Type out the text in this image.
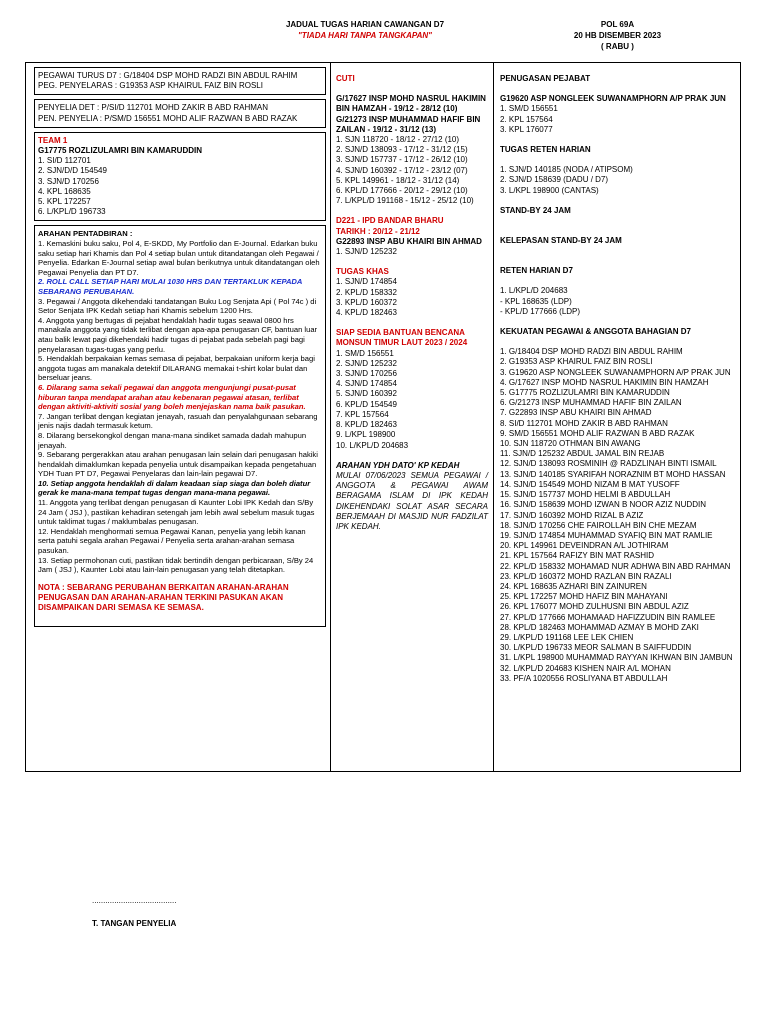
JADUAL TUGAS HARIAN CAWANGAN D7
"TIADA HARI TANPA TANGKAPAN"
POL 69A
20 HB DISEMBER 2023
( RABU )

PEGAWAI TURUS D7 : G/18404 DSP MOHD RADZI BIN ABDUL RAHIM

PEG. PENYELARAS : G19353 ASP KHAIRUL FAIZ BIN ROSLI

PENYELIA DET : P/SI/D 112701 MOHD ZAKIR B ABD RAHMAN

PEN. PENYELIA : P/SM/D 156551 MOHD ALIF RAZWAN B ABD RAZAK

TEAM 1

G17775 ROZLIZULAMRI BIN KAMARUDDIN

1. SI/D 112701

2. SJN/D/D 154549

3. SJN/D 170256

4. KPL 168635

5. KPL 172257

6. L/KPL/D 196733

ARAHAN PENTADBIRAN :

1. Kemaskini buku saku, Pol 4, E-SKDD, My Portfolio dan E-Journal. Edarkan buku saku setiap hari Khamis dan Pol 4 setiap bulan untuk ditandatangan oleh Pegawai / Penyelia. Edarkan E-Journal setiap awal bulan berikutnya untuk ditandatangan oleh Pegawai Penyelia dan PT D7.

2. ROLL CALL SETIAP HARI MULAI 1030 HRS DAN TERTAKLUK KEPADA SEBARANG PERUBAHAN.

3. Pegawai / Anggota dikehendaki tandatangan Buku Log Senjata Api ( Pol 74c ) di Setor Senjata IPK Kedah setiap hari Khamis sebelum 1200 Hrs.

4. Anggota yang bertugas di pejabat hendaklah hadir tugas seawal 0800 hrs manakala anggota yang tidak terlibat dengan apa-apa penugasan CF, bantuan luar atau balik lewat pagi dikehendaki hadir tugas di pejabat pada sebelah pagi bagi penyelarasan tugas-tugas yang perlu.

5. Hendaklah berpakaian kemas semasa di pejabat, berpakaian uniform kerja bagi anggota tugas am manakala detektif DILARANG memakai t-shirt kolar bulat dan berseluar jeans.

6. Dilarang sama sekali pegawai dan anggota mengunjungi pusat-pusat hiburan tanpa mendapat arahan atau kebenaran pegawai atasan, terlibat dengan aktiviti-aktiviti sosial yang boleh menjejaskan nama baik pasukan.

7. Jangan terlibat dengan kegiatan jenayah, rasuah dan penyalahgunaan sebarang jenis najis dadah termasuk ketum.

8. Dilarang bersekongkol dengan mana-mana sindiket samada dadah mahupun jenayah.

9. Sebarang pergerakkan atau arahan penugasan lain selain dari penugasan hakiki hendaklah dimaklumkan kepada penyelia untuk disampaikan kepada pengetahuan YDH Tuan PT D7, Pegawai Penyelaras dan lain-lain pegawai D7.

10. Setiap anggota hendaklah di dalam keadaan siap siaga dan boleh diatur gerak ke mana-mana tempat tugas dengan mana-mana pegawai.

11. Anggota yang terlibat dengan penugasan di Kaunter Lobi IPK Kedah dan S/By 24 Jam ( JSJ ), pastikan kehadiran setengah jam lebih awal sebelum masuk tugas untuk taklimat tugas / maklumbalas penugasan.

12. Hendaklah menghormati semua Pegawai Kanan, penyelia yang lebih kanan serta patuhi segala arahan Pegawai / Penyelia serta arahan-arahan semasa pasukan.

13. Setiap permohonan cuti, pastikan tidak bertindih dengan perbicaraan, S/By 24 Jam ( JSJ ), Kaunter Lobi atau lain-lain penugasan yang telah ditetapkan.

NOTA : SEBARANG PERUBAHAN BERKAITAN ARAHAN-ARAHAN PENUGASAN DAN ARAHAN-ARAHAN TERKINI PASUKAN AKAN DISAMPAIKAN DARI SEMASA KE SEMASA.

CUTI

G/17627 INSP MOHD NASRUL HAKIMIN BIN HAMZAH - 19/12 - 28/12 (10)

G/21273 INSP MUHAMMAD HAFIF BIN ZAILAN - 19/12 - 31/12 (13)

1. SJN 118720 - 18/12 - 27/12 (10)

2. SJN/D 138093 - 17/12 - 31/12 (15)

3. SJN/D 157737 - 17/12 - 26/12 (10)

4. SJN/D 160392 - 17/12 - 23/12 (07)

5. KPL 149961 - 18/12 - 31/12 (14)

6. KPL/D 177666 - 20/12 - 29/12 (10)

7. L/KPL/D 191168 - 15/12 - 25/12 (10)

D221 - IPD BANDAR BHARU

TARIKH : 20/12 - 21/12

G22893 INSP ABU KHAIRI BIN AHMAD

1. SJN/D 125232

TUGAS KHAS

1. SJN/D 174854

2. KPL/D 158332

3. KPL/D 160372

4. KPL/D 182463

SIAP SEDIA BANTUAN BENCANA MONSUN TIMUR LAUT 2023 / 2024

1. SM/D 156551

2. SJN/D 125232

3. SJN/D 170256

4. SJN/D 174854

5. SJN/D 160392

6. KPL/D 154549

7. KPL 157564

8. KPL/D 182463

9. L/KPL 198900

10. L/KPL/D 204683

ARAHAN YDH DATO' KP KEDAH

MULAI 07/06/2023 SEMUA PEGAWAI / ANGGOTA & PEGAWAI AWAM BERAGAMA ISLAM DI IPK KEDAH DIKEHENDAKI SOLAT ASAR SECARA BERJEMAAH DI MASJID NUR FADZILAT IPK KEDAH.

PENUGASAN PEJABAT

G19620 ASP NONGLEEK SUWANAMPHORN A/P PRAK JUN

1. SM/D 156551

2. KPL 157564

3. KPL 176077

TUGAS RETEN HARIAN

1. SJN/D 140185 (NODA / ATIPSOM)

2. SJN/D 158639 (DADU / D7)

3. L/KPL 198900 (CANTAS)

STAND-BY 24 JAM

KELEPASAN STAND-BY 24 JAM

RETEN HARIAN D7

1. L/KPL/D 204683

- KPL 168635 (LDP)

- KPL/D 177666 (LDP)

KEKUATAN PEGAWAI & ANGGOTA BAHAGIAN D7

1. G/18404 DSP MOHD RADZI BIN ABDUL RAHIM

2. G19353 ASP KHAIRUL FAIZ BIN ROSLI

3. G19620 ASP NONGLEEK SUWANAMPHORN A/P PRAK JUN

4. G/17627 INSP MOHD NASRUL HAKIMIN BIN HAMZAH

5. G17775 ROZLIZULAMRI BIN KAMARUDDIN

6. G/21273 INSP MUHAMMAD HAFIF BIN ZAILAN

7. G22893 INSP ABU KHAIRI BIN AHMAD

8. SI/D 112701 MOHD ZAKIR B ABD RAHMAN

9. SM/D 156551 MOHD ALIF RAZWAN B ABD RAZAK

10. SJN 118720 OTHMAN BIN AWANG

11. SJN/D 125232 ABDUL JAMAL BIN REJAB

12. SJN/D 138093 ROSMINIH @ RADZLINAH BINTI ISMAIL

13. SJN/D 140185 SYARIFAH NORAZNIM BT MOHD HASSAN

14. SJN/D 154549 MOHD NIZAM B MAT YUSOFF

15. SJN/D 157737 MOHD HELMI B ABDULLAH

16. SJN/D 158639 MOHD IZWAN B NOOR AZIZ NUDDIN

17. SJN/D 160392 MOHD RIZAL B AZIZ

18. SJN/D 170256 CHE FAIROLLAH BIN CHE MEZAM

19. SJN/D 174854 MUHAMMAD SYAFIQ BIN MAT RAMLIE

20. KPL 149961 DEVEINDRAN A/L JOTHIRAM

21. KPL 157564 RAFIZY BIN MAT RASHID

22. KPL/D 158332 MOHAMAD NUR ADHWA BIN ABD RAHMAN

23. KPL/D 160372 MOHD RAZLAN BIN RAZALI

24. KPL 168635 AZHARI BIN ZAINUREN

25. KPL 172257 MOHD HAFIZ BIN MAHAYANI

26. KPL 176077 MOHD ZULHUSNI BIN ABDUL AZIZ

27. KPL/D 177666 MOHAMAAD HAFIZZUDIN BIN RAMLEE

28. KPL/D 182463 MOHAMMAD AZMAY B MOHD ZAKI

29. L/KPL/D 191168 LEE LEK CHIEN

30. L/KPL/D 196733 MEOR SALMAN B SAIFFUDDIN

31. L/KPL 198900 MUHAMMAD RAYYAN IKHWAN BIN JAMBUN

32. L/KPL/D 204683 KISHEN NAIR A/L MOHAN

33. PF/A 1020556 ROSLIYANA BT ABDULLAH

......................................
T. TANGAN PENYELIA
